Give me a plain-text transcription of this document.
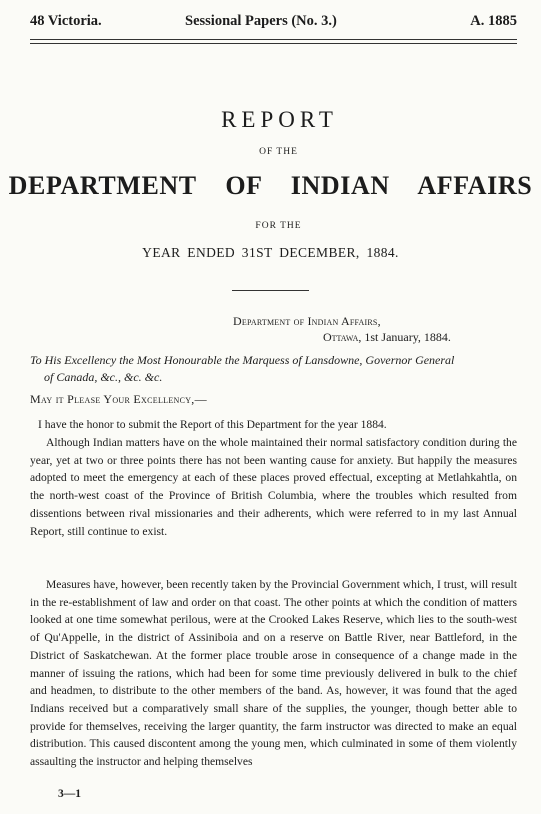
48 Victoria.	Sessional Papers (No. 3.)	A. 1885
REPORT
OF THE
DEPARTMENT OF INDIAN AFFAIRS
FOR THE
YEAR ENDED 31ST DECEMBER, 1884.
Department of Indian Affairs,
Ottawa, 1st January, 1884.
To His Excellency the Most Honourable the Marquess of Lansdowne, Governor General
of Canada, &c., &c. &c.
May it Please Your Excellency,—
I have the honor to submit the Report of this Department for the year 1884.
Although Indian matters have on the whole maintained their normal satisfactory condition during the year, yet at two or three points there has not been wanting cause for anxiety. But happily the measures adopted to meet the emergency at each of these places proved effectual, excepting at Metlahkahtla, on the north-west coast of the Province of British Columbia, where the troubles which resulted from dissentions between rival missionaries and their adherents, which were referred to in my last Annual Report, still continue to exist.
Measures have, however, been recently taken by the Provincial Government which, I trust, will result in the re-establishment of law and order on that coast. The other points at which the condition of matters looked at one time somewhat perilous, were at the Crooked Lakes Reserve, which lies to the south-west of Qu'Appelle, in the district of Assiniboia and on a reserve on Battle River, near Battleford, in the District of Saskatchewan. At the former place trouble arose in consequence of a change made in the manner of issuing the rations, which had been for some time previously delivered in bulk to the chief and headmen, to distribute to the other members of the band. As, however, it was found that the aged Indians received but a comparatively small share of the supplies, the younger, though better able to provide for themselves, receiving the larger quantity, the farm instructor was directed to make an equal distribution. This caused discontent among the young men, which culminated in some of them violently assaulting the instructor and helping themselves
3—1
